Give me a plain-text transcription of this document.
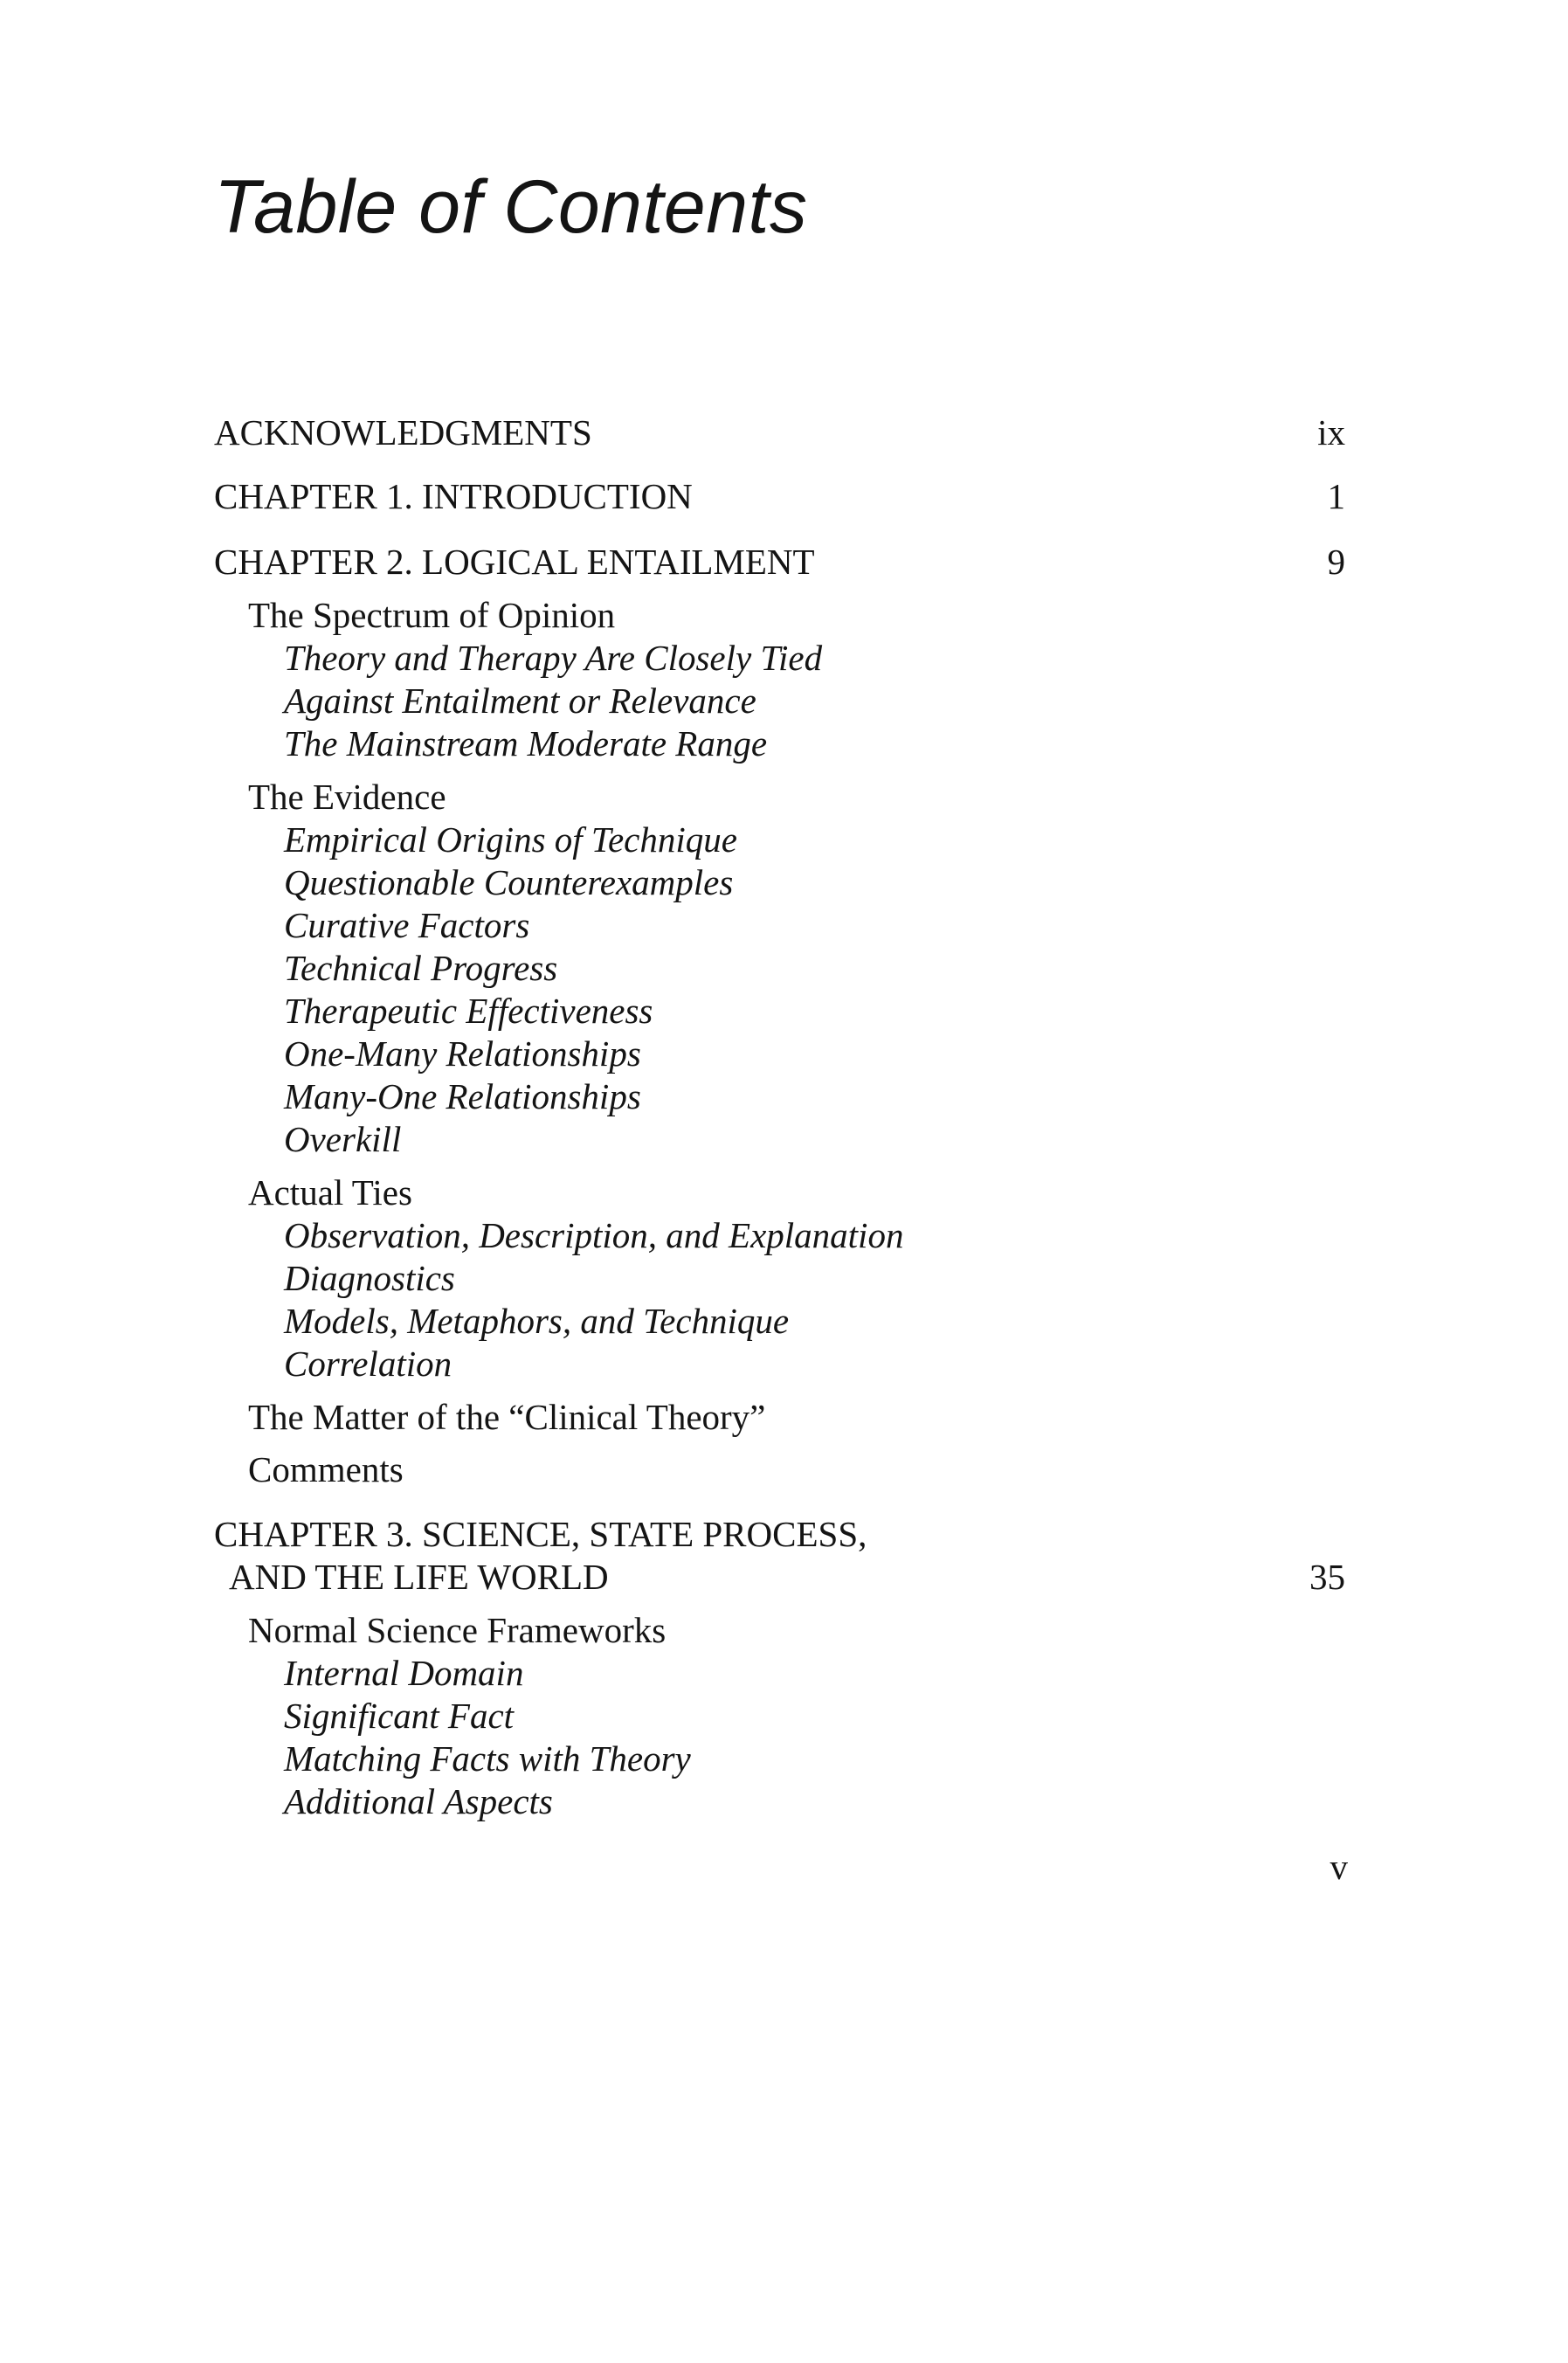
Table of Contents
ACKNOWLEDGMENTS	ix
CHAPTER 1. INTRODUCTION	1
CHAPTER 2. LOGICAL ENTAILMENT	9
The Spectrum of Opinion
Theory and Therapy Are Closely Tied
Against Entailment or Relevance
The Mainstream Moderate Range
The Evidence
Empirical Origins of Technique
Questionable Counterexamples
Curative Factors
Technical Progress
Therapeutic Effectiveness
One-Many Relationships
Many-One Relationships
Overkill
Actual Ties
Observation, Description, and Explanation
Diagnostics
Models, Metaphors, and Technique
Correlation
The Matter of the “Clinical Theory”
Comments
CHAPTER 3. SCIENCE, STATE PROCESS,
AND THE LIFE WORLD	35
Normal Science Frameworks
Internal Domain
Significant Fact
Matching Facts with Theory
Additional Aspects
v
